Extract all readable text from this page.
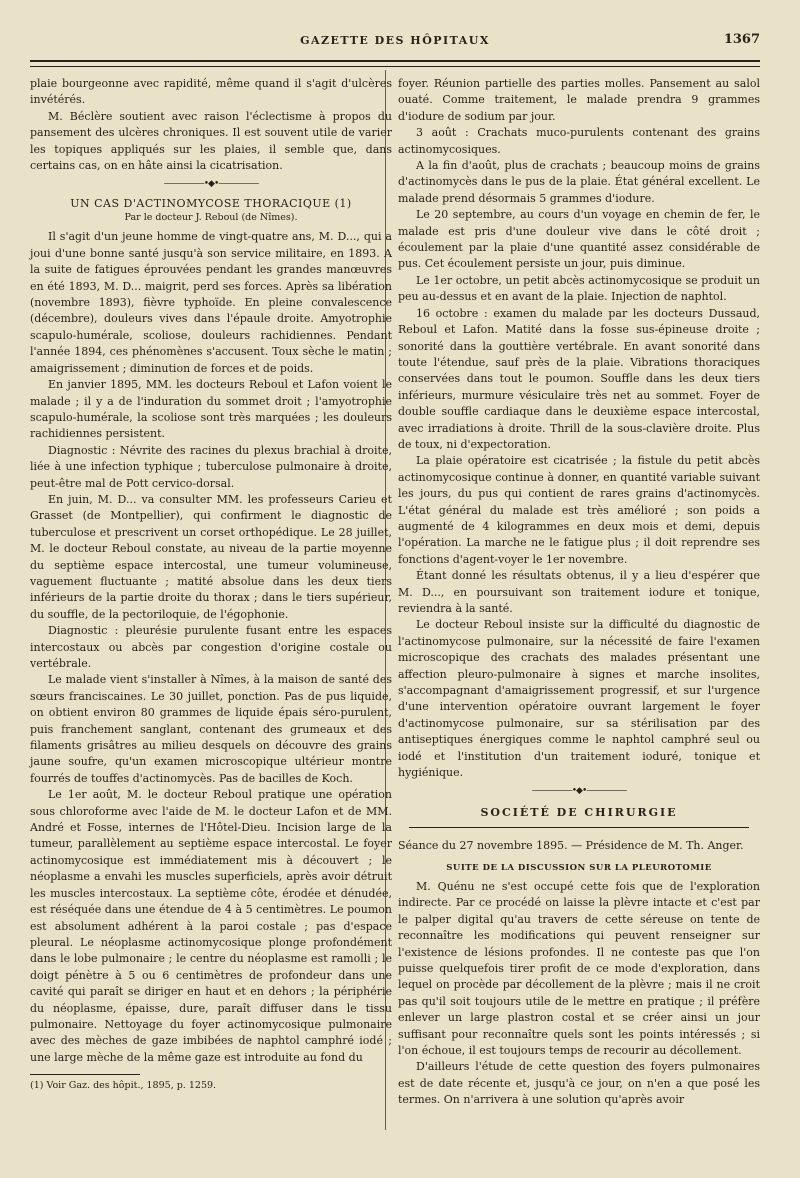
GAZETTE DES HÔPITAUX	1367

plaie bourgeonne avec rapidité, même quand il s'agit d'ulcères invétérés.

M. Béclère soutient avec raison l'éclectisme à propos du pansement des ulcères chroniques. Il est souvent utile de varier les topiques appliqués sur les plaies, il semble que, dans certains cas, on en hâte ainsi la cicatrisation.

—————•◆•—————
UN CAS D'ACTINOMYCOSE THORACIQUE (1)
Par le docteur J. Reboul (de Nîmes).

Il s'agit d'un jeune homme de vingt-quatre ans, M. D..., qui a joui d'une bonne santé jusqu'à son service militaire, en 1893. A la suite de fatigues éprouvées pendant les grandes manœuvres en été 1893, M. D... maigrit, perd ses forces. Après sa libération (novembre 1893), fièvre typhoïde. En pleine convalescence (décembre), douleurs vives dans l'épaule droite. Amyotrophie scapulo-humérale, scoliose, douleurs rachidiennes. Pendant l'année 1894, ces phénomènes s'accusent. Toux sèche le matin ; amaigrissement ; diminution de forces et de poids.

En janvier 1895, MM. les docteurs Reboul et Lafon voient le malade ; il y a de l'induration du sommet droit ; l'amyotrophie scapulo-humérale, la scoliose sont très marquées ; les douleurs rachidiennes persistent.

Diagnostic : Névrite des racines du plexus brachial à droite, liée à une infection typhique ; tuberculose pulmonaire à droite, peut-être mal de Pott cervico-dorsal.

En juin, M. D... va consulter MM. les professeurs Carieu et Grasset (de Montpellier), qui confirment le diagnostic de tuberculose et prescrivent un corset orthopédique. Le 28 juillet, M. le docteur Reboul constate, au niveau de la partie moyenne du septième espace intercostal, une tumeur volumineuse, vaguement fluctuante ; matité absolue dans les deux tiers inférieurs de la partie droite du thorax ; dans le tiers supérieur, du souffle, de la pectoriloquie, de l'égophonie.

Diagnostic : pleurésie purulente fusant entre les espaces intercostaux ou abcès par congestion d'origine costale ou vertébrale.

Le malade vient s'installer à Nîmes, à la maison de santé des sœurs franciscaines. Le 30 juillet, ponction. Pas de pus liquide, on obtient environ 80 grammes de liquide épais séro-purulent, puis franchement sanglant, contenant des grumeaux et des filaments grisâtres au milieu desquels on découvre des grains jaune soufre, qu'un examen microscopique ultérieur montre fourrés de touffes d'actinomycès. Pas de bacilles de Koch.

Le 1er août, M. le docteur Reboul pratique une opération sous chloroforme avec l'aide de M. le docteur Lafon et de MM. André et Fosse, internes de l'Hôtel-Dieu. Incision large de la tumeur, parallèlement au septième espace intercostal. Le foyer actinomycosique est immédiatement mis à découvert ; le néoplasme a envahi les muscles superficiels, après avoir détruit les muscles intercostaux. La septième côte, érodée et dénudée, est réséquée dans une étendue de 4 à 5 centimètres. Le poumon est absolument adhérent à la paroi costale ; pas d'espace pleural. Le néoplasme actinomycosique plonge profondément dans le lobe pulmonaire ; le centre du néoplasme est ramolli ; le doigt pénètre à 5 ou 6 centimètres de profondeur dans une cavité qui paraît se diriger en haut et en dehors ; la périphérie du néoplasme, épaisse, dure, paraît diffuser dans le tissu pulmonaire. Nettoyage du foyer actinomycosique pulmonaire avec des mèches de gaze imbibées de naphtol camphré iodé ; une large mèche de la même gaze est introduite au fond du

(1) Voir Gaz. des hôpit., 1895, p. 1259.

foyer. Réunion partielle des parties molles. Pansement au salol ouaté. Comme traitement, le malade prendra 9 grammes d'iodure de sodium par jour.

3 août : Crachats muco-purulents contenant des grains actinomycosiques.

A la fin d'août, plus de crachats ; beaucoup moins de grains d'actinomycès dans le pus de la plaie. État général excellent. Le malade prend désormais 5 grammes d'iodure.

Le 20 septembre, au cours d'un voyage en chemin de fer, le malade est pris d'une douleur vive dans le côté droit ; écoulement par la plaie d'une quantité assez considérable de pus. Cet écoulement persiste un jour, puis diminue.

Le 1er octobre, un petit abcès actinomycosique se produit un peu au-dessus et en avant de la plaie. Injection de naphtol.

16 octobre : examen du malade par les docteurs Dussaud, Reboul et Lafon. Matité dans la fosse sus-épineuse droite ; sonorité dans la gouttière vertébrale. En avant sonorité dans toute l'étendue, sauf près de la plaie. Vibrations thoraciques conservées dans tout le poumon. Souffle dans les deux tiers inférieurs, murmure vésiculaire très net au sommet. Foyer de double souffle cardiaque dans le deuxième espace intercostal, avec irradiations à droite. Thrill de la sous-clavière droite. Plus de toux, ni d'expectoration.

La plaie opératoire est cicatrisée ; la fistule du petit abcès actinomycosique continue à donner, en quantité variable suivant les jours, du pus qui contient de rares grains d'actinomycès. L'état général du malade est très amélioré ; son poids a augmenté de 4 kilogrammes en deux mois et demi, depuis l'opération. La marche ne le fatigue plus ; il doit reprendre ses fonctions d'agent-voyer le 1er novembre.

Étant donné les résultats obtenus, il y a lieu d'espérer que M. D..., en poursuivant son traitement iodure et tonique, reviendra à la santé.

Le docteur Reboul insiste sur la difficulté du diagnostic de l'actinomycose pulmonaire, sur la nécessité de faire l'examen microscopique des crachats des malades présentant une affection pleuro-pulmonaire à signes et marche insolites, s'accompagnant d'amaigrissement progressif, et sur l'urgence d'une intervention opératoire ouvrant largement le foyer d'actinomycose pulmonaire, sur sa stérilisation par des antiseptiques énergiques comme le naphtol camphré seul ou iodé et l'institution d'un traitement ioduré, tonique et hygiénique.

—————•◆•—————
SOCIÉTÉ DE CHIRURGIE

Séance du 27 novembre 1895. — Présidence de M. Th. Anger.

SUITE DE LA DISCUSSION SUR LA PLEUROTOMIE

M. Quénu ne s'est occupé cette fois que de l'exploration indirecte. Par ce procédé on laisse la plèvre intacte et c'est par le palper digital qu'au travers de cette séreuse on tente de reconnaître les modifications qui peuvent renseigner sur l'existence de lésions profondes. Il ne conteste pas que l'on puisse quelquefois tirer profit de ce mode d'exploration, dans lequel on procède par décollement de la plèvre ; mais il ne croit pas qu'il soit toujours utile de le mettre en pratique ; il préfère enlever un large plastron costal et se créer ainsi un jour suffisant pour reconnaître quels sont les points intéressés ; si l'on échoue, il est toujours temps de recourir au décollement.

D'ailleurs l'étude de cette question des foyers pulmonaires est de date récente et, jusqu'à ce jour, on n'en a que posé les termes. On n'arrivera à une solution qu'après avoir
